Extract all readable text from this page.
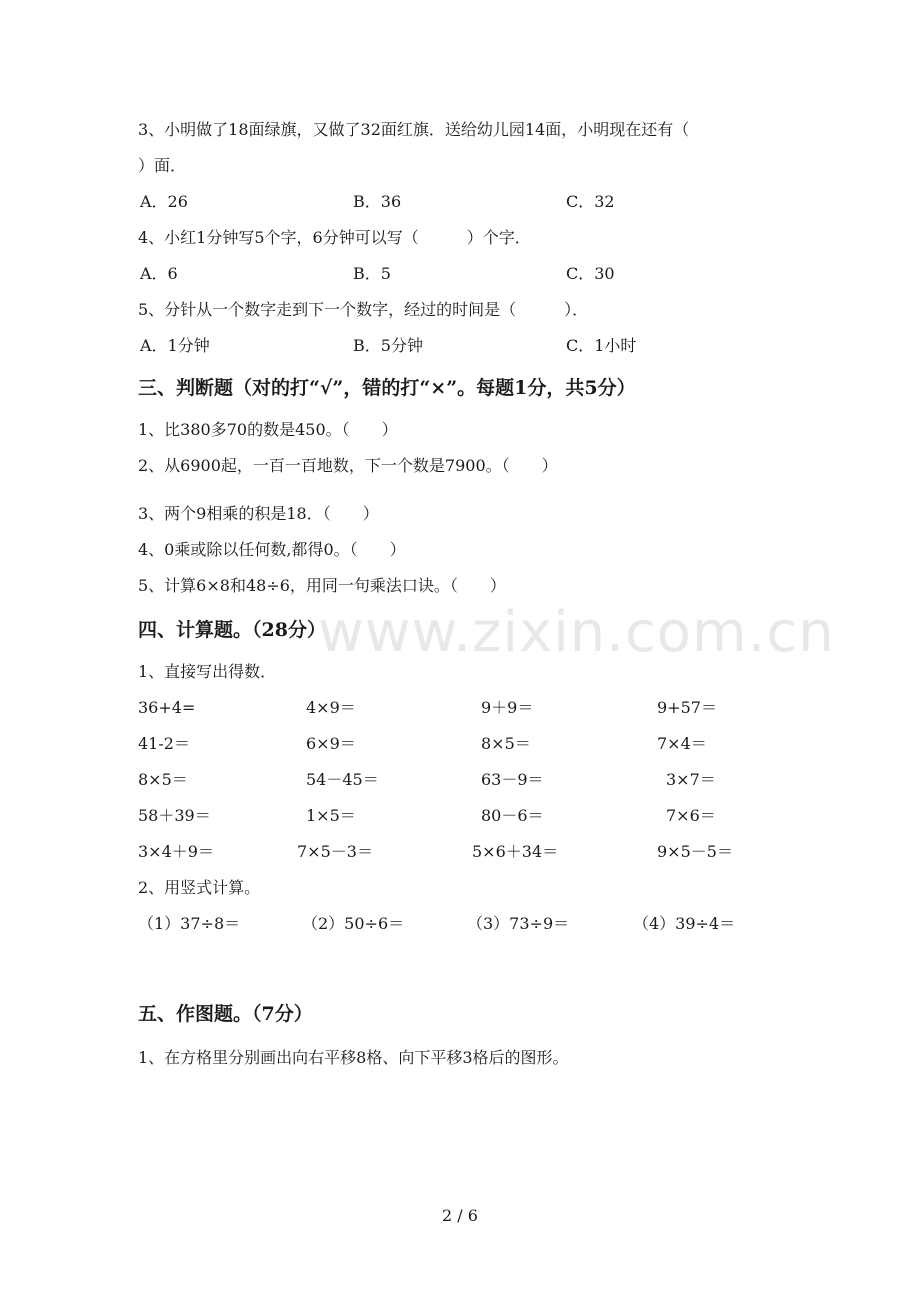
www.zixin.com.cn
3、小明做了18面绿旗，又做了32面红旗．送给幼儿园14面，小明现在还有（
）面．
A．26	B．36	C．32
4、小红1分钟写5个字，6分钟可以写（　　　）个字．
A．6	B．5	C．30
5、分针从一个数字走到下一个数字，经过的时间是（　　　）．
A．1分钟	B．5分钟	C．1小时
三、判断题（对的打“√”，错的打“×”。每题1分，共5分）
1、比380多70的数是450。（　　）
2、从6900起，一百一百地数，下一个数是7900。（　　）
3、两个9相乘的积是18．（　　）
4、0乘或除以任何数,都得0。（　　）
5、计算6×8和48÷6，用同一句乘法口诀。（　　）
四、计算题。（28分）
1、直接写出得数．
36+4=	4×9＝	9＋9＝	9+57＝
41-2＝	6×9＝	8×5＝	7×4＝
8×5＝	54－45＝	63－9＝	3×7＝
58＋39＝	1×5＝	80－6＝	7×6＝
3×4＋9＝	7×5－3＝	5×6＋34＝	9×5－5＝
2、用竖式计算。
（1）37÷8＝	（2）50÷6＝	（3）73÷9＝	（4）39÷4＝
五、作图题。（7分）
1、在方格里分别画出向右平移8格、向下平移3格后的图形。
2 / 6
